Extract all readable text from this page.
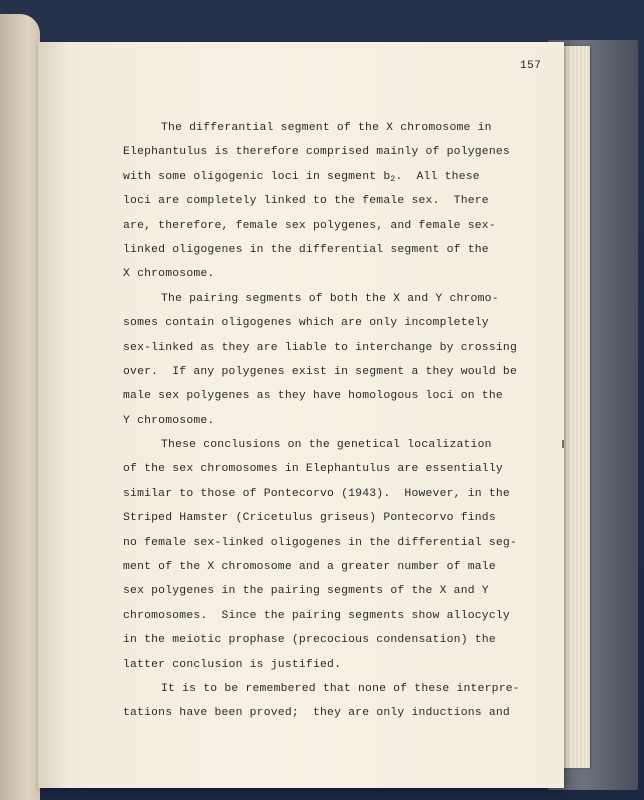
157
The differantial segment of the X chromosome in
Elephantulus is therefore comprised mainly of polygenes
with some oligogenic loci in segment $b_2$.  All these
loci are completely linked to the female sex.  There
are, therefore, female sex polygenes, and female sex-
linked oligogenes in the differential segment of the
X chromosome.
The pairing segments of both the X and Y chromo-
somes contain oligogenes which are only incompletely
sex-linked as they are liable to interchange by crossing
over.  If any polygenes exist in segment a they would be
male sex polygenes as they have homologous loci on the
Y chromosome.
These conclusions on the genetical localization
of the sex chromosomes in Elephantulus are essentially
similar to those of Pontecorvo (1943).  However, in the
Striped Hamster (Cricetulus griseus) Pontecorvo finds
no female sex-linked oligogenes in the differential seg-
ment of the X chromosome and a greater number of male
sex polygenes in the pairing segments of the X and Y
chromosomes.  Since the pairing segments show allocycly
in the meiotic prophase (precocious condensation) the
latter conclusion is justified.
It is to be remembered that none of these interpre-
tations have been proved;  they are only inductions and
